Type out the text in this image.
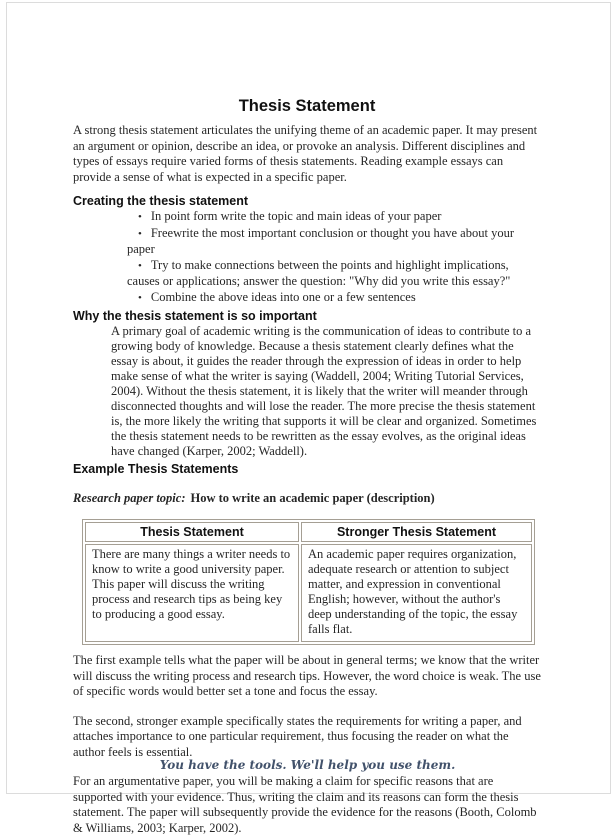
Thesis Statement

A strong thesis statement articulates the unifying theme of an academic paper. It may present an argument or opinion, describe an idea, or provoke an analysis. Different disciplines and types of essays require varied forms of thesis statements. Reading example essays can provide a sense of what is expected in a specific paper.

Creating the thesis statement
• In point form write the topic and main ideas of your paper
• Freewrite the most important conclusion or thought you have about your paper
• Try to make connections between the points and highlight implications, causes or applications; answer the question: "Why did you write this essay?"
• Combine the above ideas into one or a few sentences
Why the thesis statement is so important

A primary goal of academic writing is the communication of ideas to contribute to a growing body of knowledge. Because a thesis statement clearly defines what the essay is about, it guides the reader through the expression of ideas in order to help make sense of what the writer is saying (Waddell, 2004; Writing Tutorial Services, 2004). Without the thesis statement, it is likely that the writer will meander through disconnected thoughts and will lose the reader. The more precise the thesis statement is, the more likely the writing that supports it will be clear and organized. Sometimes the thesis statement needs to be rewritten as the essay evolves, as the original ideas have changed (Karper, 2002; Waddell).

Example Thesis Statements

Research paper topic: How to write an academic paper (description)

Thesis Statement	Stronger Thesis Statement
There are many things a writer needs to know to write a good university paper. This paper will discuss the writing process and research tips as being key to producing a good essay.	An academic paper requires organization, adequate research or attention to subject matter, and expression in conventional English; however, without the author's deep understanding of the topic, the essay falls flat.

The first example tells what the paper will be about in general terms; we know that the writer will discuss the writing process and research tips. However, the word choice is weak. The use of specific words would better set a tone and focus the essay.

The second, stronger example specifically states the requirements for writing a paper, and attaches importance to one particular requirement, thus focusing the reader on what the author feels is essential.

For an argumentative paper, you will be making a claim for specific reasons that are supported with your evidence. Thus, writing the claim and its reasons can form the thesis statement. The paper will subsequently provide the evidence for the reasons (Booth, Colomb & Williams, 2003; Karper, 2002).

You have the tools. We'll help you use them.
